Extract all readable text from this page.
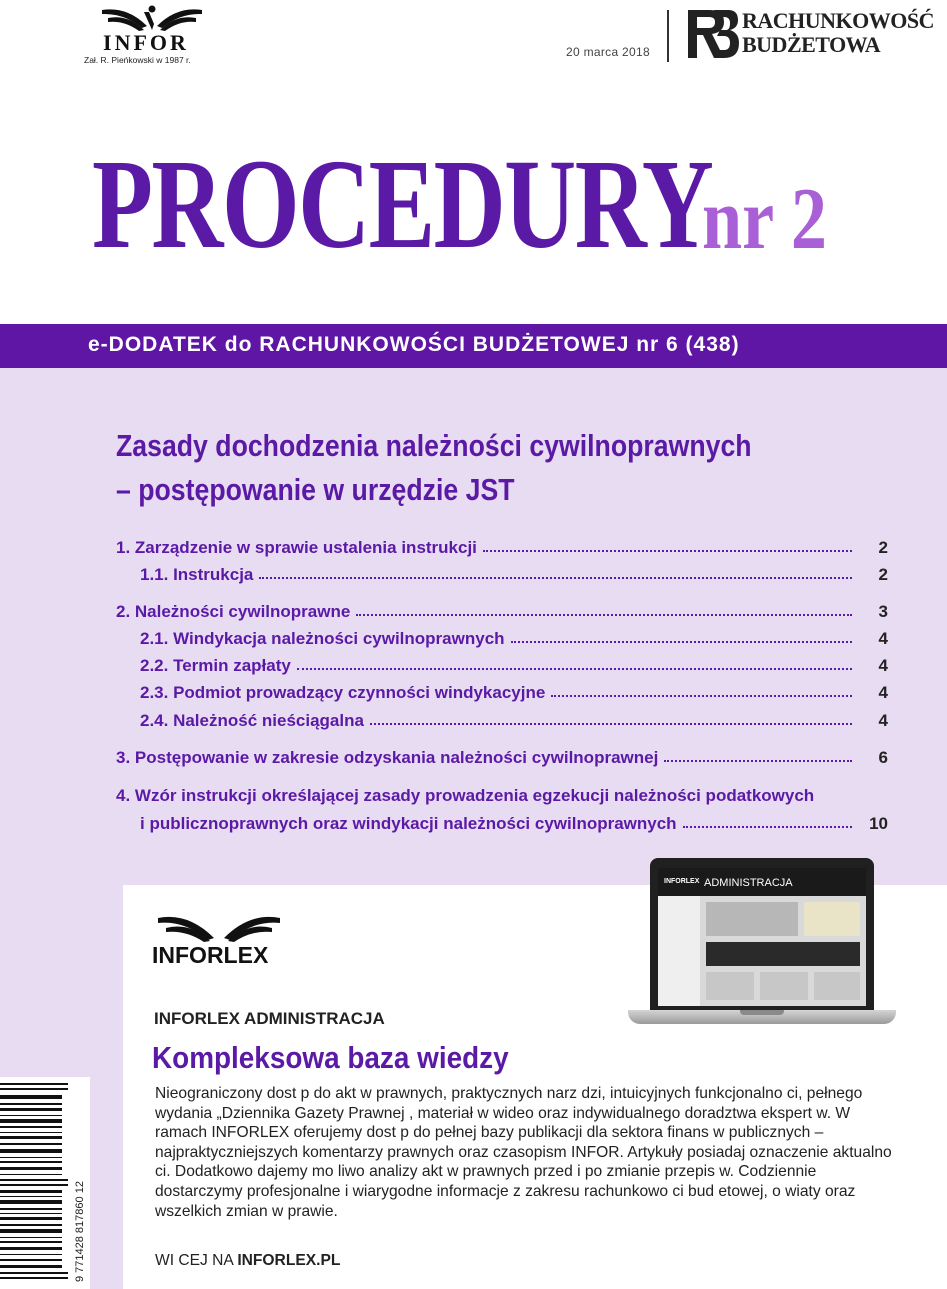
INFOR
Zał. R. Pieńkowski w 1987 r.
20 marca 2018
RACHUNKOWOŚĆ
BUDŻETOWA
PROCEDURY
nr 2
e-DODATEK do RACHUNKOWOŚCI BUDŻETOWEJ nr 6 (438)
Zasady dochodzenia należności cywilnoprawnych
– postępowanie w urzędzie JST
1. Zarządzenie w sprawie ustalenia instrukcji	2
1.1. Instrukcja	2
2. Należności cywilnoprawne	3
2.1. Windykacja należności cywilnoprawnych	4
2.2. Termin zapłaty	4
2.3. Podmiot prowadzący czynności windykacyjne	4
2.4. Należność nieściągalna	4
3. Postępowanie w zakresie odzyskania należności cywilnoprawnej	6
4. Wzór instrukcji określającej zasady prowadzenia egzekucji należności podatkowych
i publicznoprawnych oraz windykacji należności cywilnoprawnych	10
INFORLEX ADMINISTRACJA
INFORLEX
INFORLEX ADMINISTRACJA
Kompleksowa baza wiedzy
Nieograniczony dost p do akt w prawnych, praktycznych narz dzi, intuicyjnych funkcjonalno ci, pełnego wydania „Dziennika Gazety Prawnej , materiał w wideo oraz indywidualnego doradztwa ekspert w. W ramach INFORLEX oferujemy dost p do pełnej bazy publikacji dla sektora finans w publicznych – najpraktyczniejszych komentarzy prawnych oraz czasopism INFOR. Artykuły posiadaj oznaczenie aktualno ci. Dodatkowo dajemy mo liwo analizy akt w prawnych przed i po zmianie przepis w. Codziennie dostarczymy profesjonalne i wiarygodne informacje z zakresu rachunkowo ci bud etowej, o wiaty oraz wszelkich zmian w prawie.
WI CEJ NA INFORLEX.PL
9 771428 817860 12
